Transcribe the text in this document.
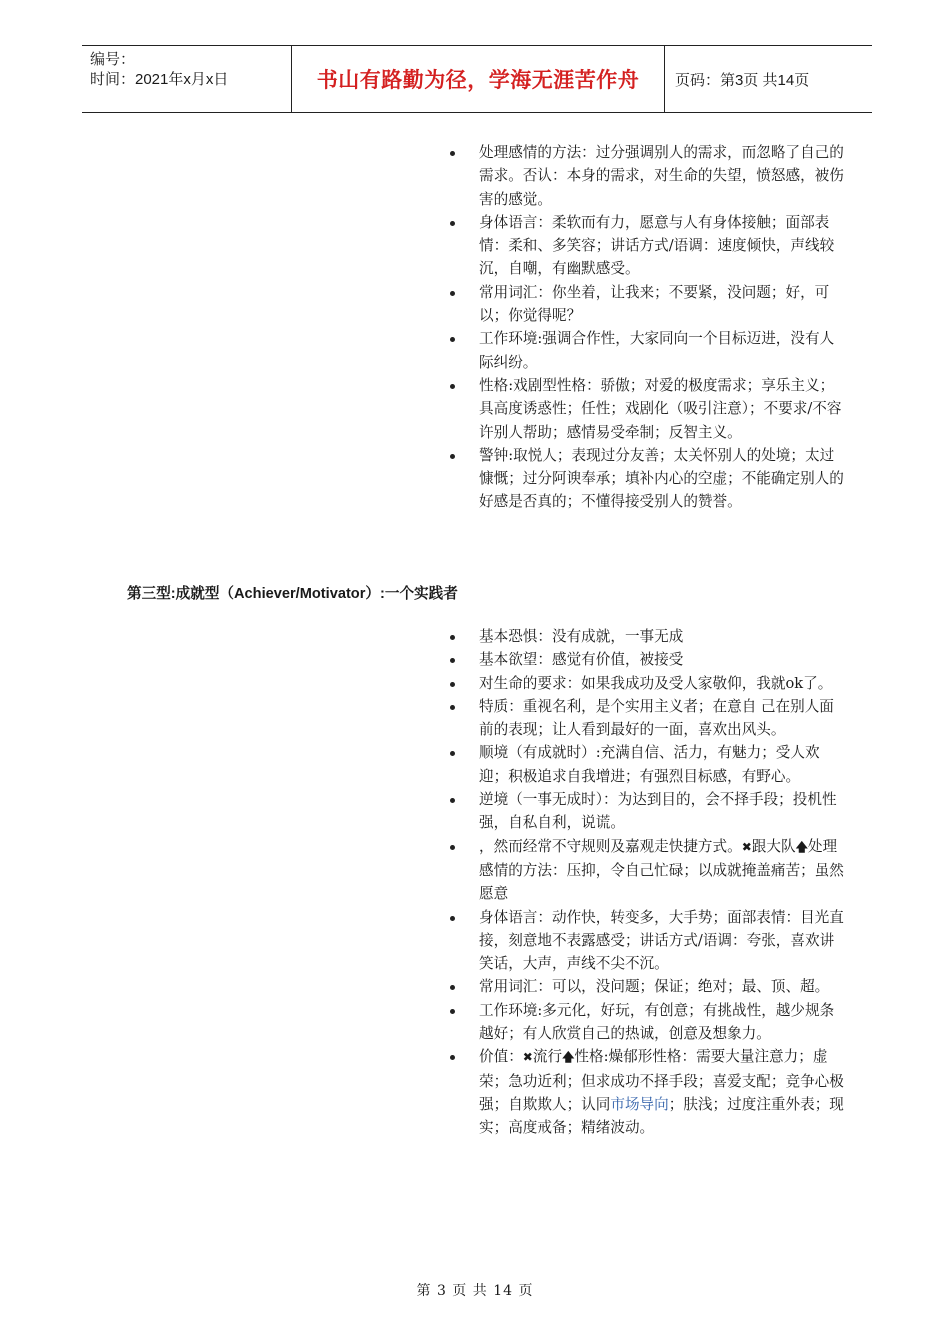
编号：
时间：2021年x月x日	书山有路勤为径，学海无涯苦作舟	页码：第3页 共14页
处理感情的方法：过分强调别人的需求，而忽略了自己的需求。否认：本身的需求，对生命的失望，愤怒感，被伤害的感觉。
身体语言：柔软而有力，愿意与人有身体接触；面部表情：柔和、多笑容；讲话方式/语调：速度倾快，声线较沉，自嘲，有幽默感受。
常用词汇：你坐着，让我来；不要紧，没问题；好，可以；你觉得呢？
工作环境:强调合作性，大家同向一个目标迈进，没有人际纠纷。
性格:戏剧型性格：骄傲；对爱的极度需求；享乐主义；具高度诱惑性；任性；戏剧化（吸引注意）；不要求/不容许别人帮助；感情易受牵制；反智主义。
警钟:取悦人；表现过分友善；太关怀别人的处境；太过慷慨；过分阿谀奉承；填补内心的空虚；不能确定别人的好感是否真的；不懂得接受别人的赞誉。
第三型:成就型（Achiever/Motivator）:一个实践者
基本恐惧：没有成就，一事无成
基本欲望：感觉有价值，被接受
对生命的要求：如果我成功及受人家敬仰，我就ok了。
特质：重视名利，是个实用主义者；在意自 己在别人面前的表现；让人看到最好的一面，喜欢出风头。
顺境（有成就时）:充满自信、活力，有魅力；受人欢迎；积极追求自我增进；有强烈目标感，有野心。
逆境（一事无成时）：为达到目的，会不择手段；投机性强，自私自利，说谎。
，然而经常不守规则及嘉观走快捷方式。✖跟大队🡅处理感情的方法：压抑，令自己忙碌；以成就掩盖痛苦；虽然愿意
身体语言：动作快，转变多，大手势；面部表情：目光直接，刻意地不表露感受；讲话方式/语调：夸张，喜欢讲笑话，大声，声线不尖不沉。
常用词汇：可以，没问题；保证；绝对；最、顶、超。
工作环境:多元化，好玩，有创意；有挑战性，越少规条越好；有人欣赏自己的热诚，创意及想象力。
价值：✖流行🡅性格:燥郁形性格：需要大量注意力；虚荣；急功近利；但求成功不择手段；喜爱支配；竞争心极强；自欺欺人；认同市场导向；肤浅；过度注重外表；现实；高度戒备；精绪波动。
第 3 页 共 14 页
